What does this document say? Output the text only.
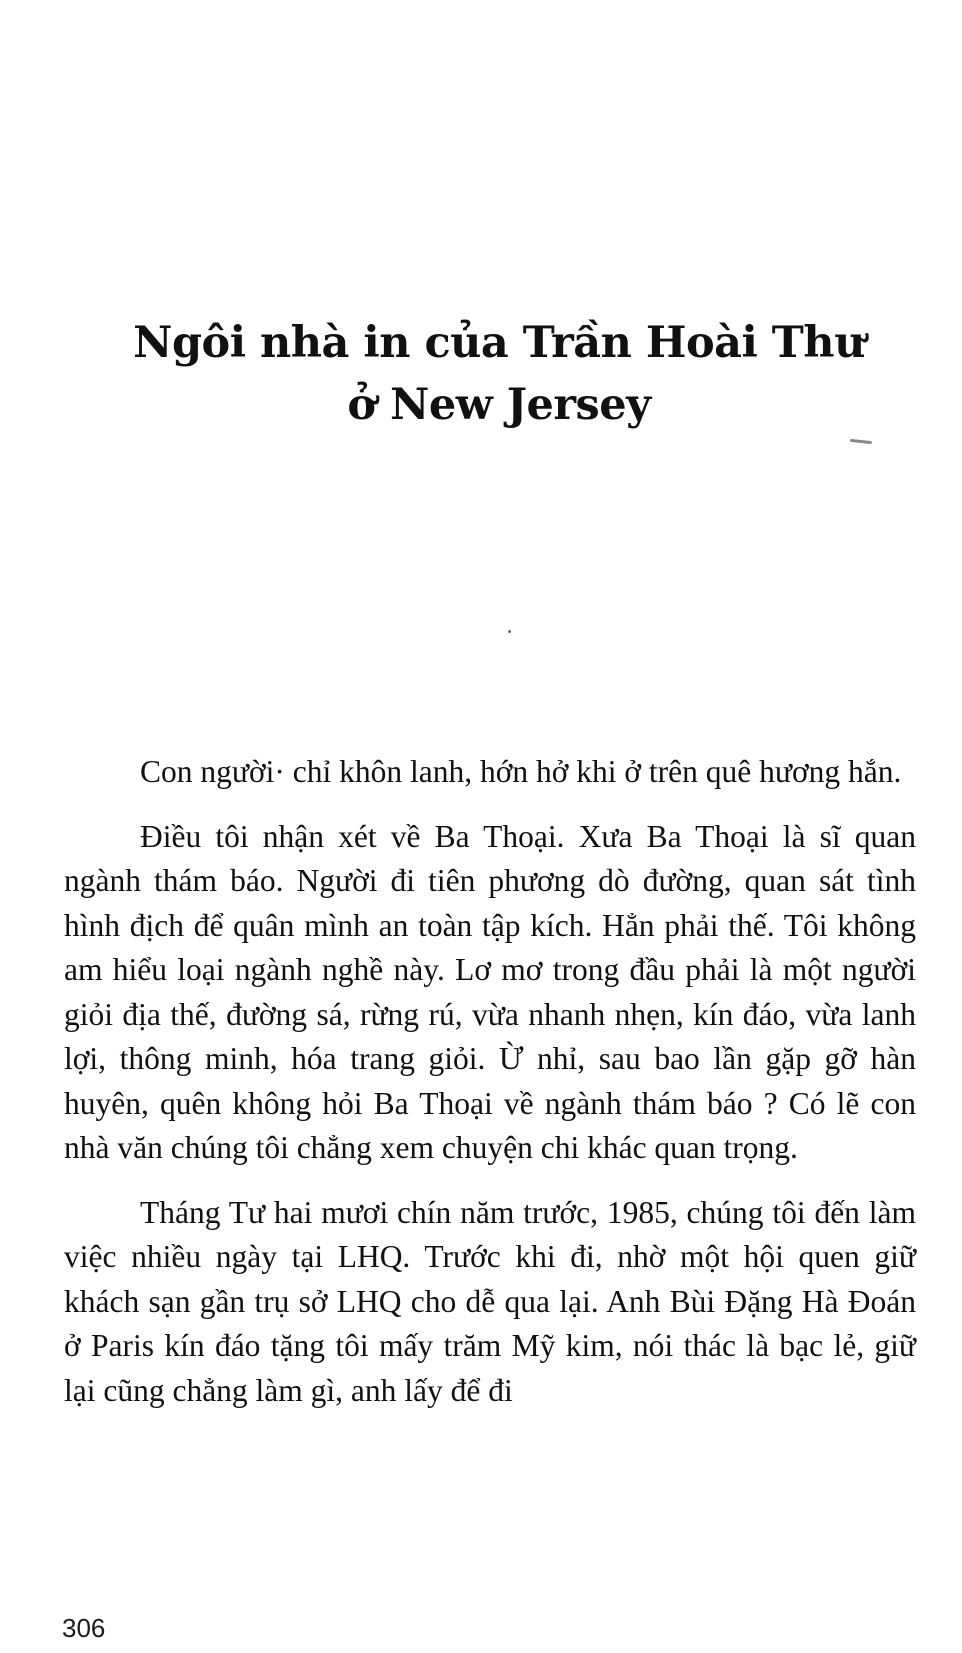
Ngôi nhà in của Trần Hoài Thư
ở New Jersey

Con người· chỉ khôn lanh, hớn hở khi ở trên quê hương hắn.

Điều tôi nhận xét về Ba Thoại. Xưa Ba Thoại là sĩ quan ngành thám báo. Người đi tiên phương dò đường, quan sát tình hình địch để quân mình an toàn tập kích. Hẳn phải thế. Tôi không am hiểu loại ngành nghề này. Lơ mơ trong đầu phải là một người giỏi địa thế, đường sá, rừng rú, vừa nhanh nhẹn, kín đáo, vừa lanh lợi, thông minh, hóa trang giỏi. Ừ nhỉ, sau bao lần gặp gỡ hàn huyên, quên không hỏi Ba Thoại về ngành thám báo ? Có lẽ con nhà văn chúng tôi chẳng xem chuyện chi khác quan trọng.

Tháng Tư hai mươi chín năm trước, 1985, chúng tôi đến làm việc nhiều ngày tại LHQ. Trước khi đi, nhờ một hội quen giữ khách sạn gần trụ sở LHQ cho dễ qua lại. Anh Bùi Đặng Hà Đoán ở Paris kín đáo tặng tôi mấy trăm Mỹ kim, nói thác là bạc lẻ, giữ lại cũng chẳng làm gì, anh lấy để đi

306
